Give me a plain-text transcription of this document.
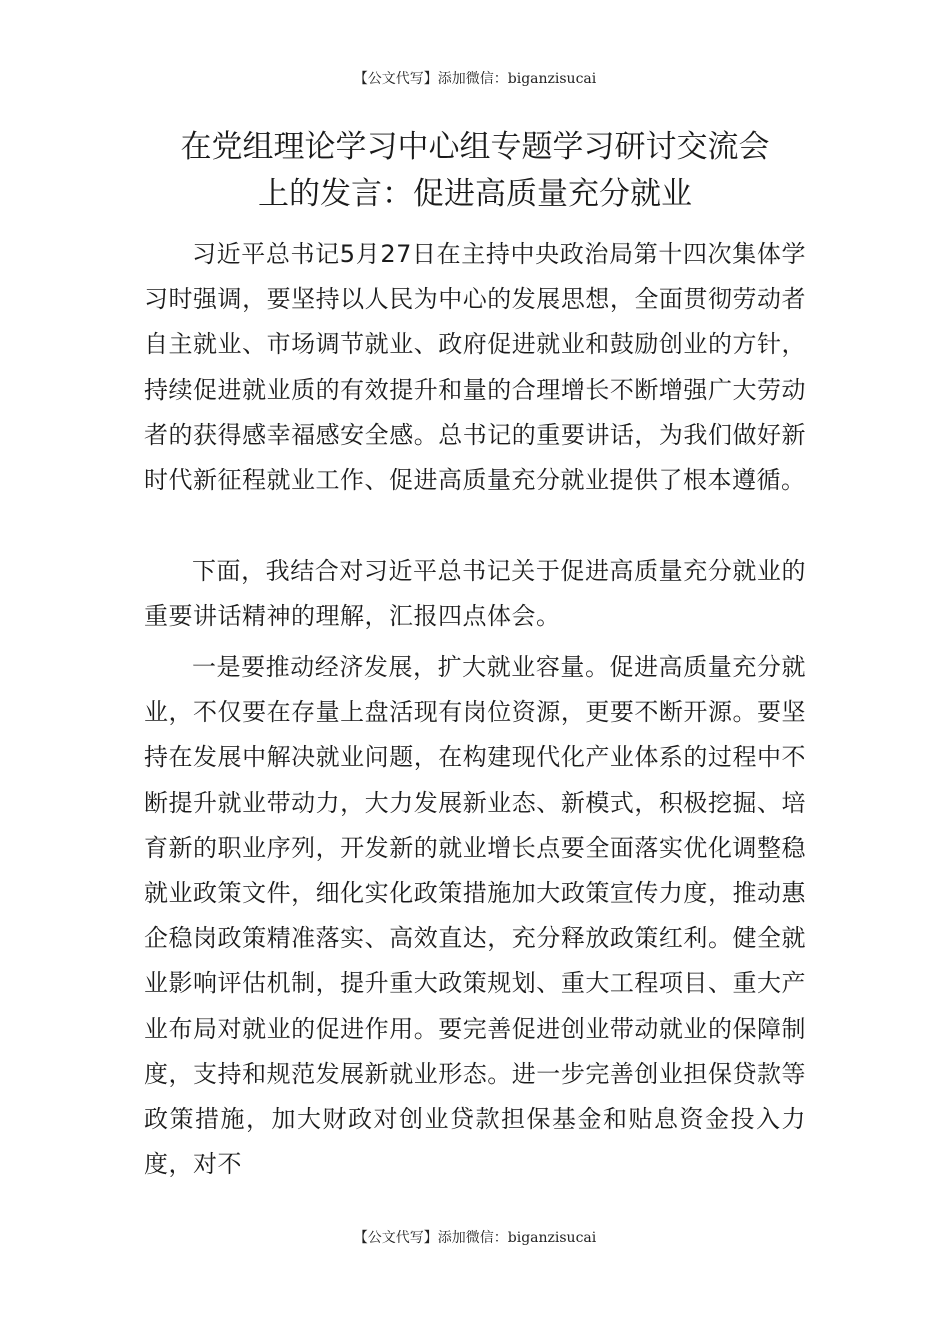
【公文代写】添加微信：biganzisucai
在党组理论学习中心组专题学习研讨交流会
上的发言：促进高质量充分就业

习近平总书记5月27日在主持中央政治局第十四次集体学习时强调，要坚持以人民为中心的发展思想，全面贯彻劳动者自主就业、市场调节就业、政府促进就业和鼓励创业的方针，持续促进就业质的有效提升和量的合理增长不断增强广大劳动者的获得感幸福感安全感。总书记的重要讲话，为我们做好新时代新征程就业工作、促进高质量充分就业提供了根本遵循。

下面，我结合对习近平总书记关于促进高质量充分就业的重要讲话精神的理解，汇报四点体会。

一是要推动经济发展，扩大就业容量。促进高质量充分就业，不仅要在存量上盘活现有岗位资源，更要不断开源。要坚持在发展中解决就业问题，在构建现代化产业体系的过程中不断提升就业带动力，大力发展新业态、新模式，积极挖掘、培育新的职业序列，开发新的就业增长点要全面落实优化调整稳就业政策文件，细化实化政策措施加大政策宣传力度，推动惠企稳岗政策精准落实、高效直达，充分释放政策红利。健全就业影响评估机制，提升重大政策规划、重大工程项目、重大产业布局对就业的促进作用。要完善促进创业带动就业的保障制度，支持和规范发展新就业形态。进一步完善创业担保贷款等政策措施，加大财政对创业贷款担保基金和贴息资金投入力度，对不

【公文代写】添加微信：biganzisucai
